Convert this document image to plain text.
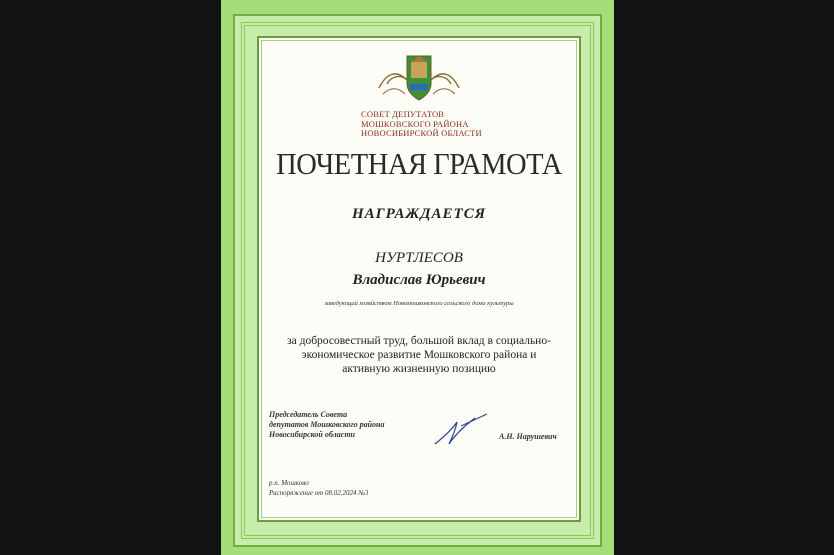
СОВЕТ ДЕПУТАТОВ
МОШКОВСКОГО РАЙОНА
НОВОСИБИРСКОЙ ОБЛАСТИ
ПОЧЕТНАЯ ГРАМОТА
НАГРАЖДАЕТСЯ
НУРТЛЕСОВ
Владислав Юрьевич
заведующий хозяйством Новомошковского сельского дома культуры
за добросовестный труд, большой вклад в социально-экономическое развитие Мошковского района и активную жизненную позицию
Председатель Совета
депутатов Мошковского района
Новосибирской области	А.Н. Нарушевич
р.п. Мошково
Распоряжение от 08.02.2024 №3
